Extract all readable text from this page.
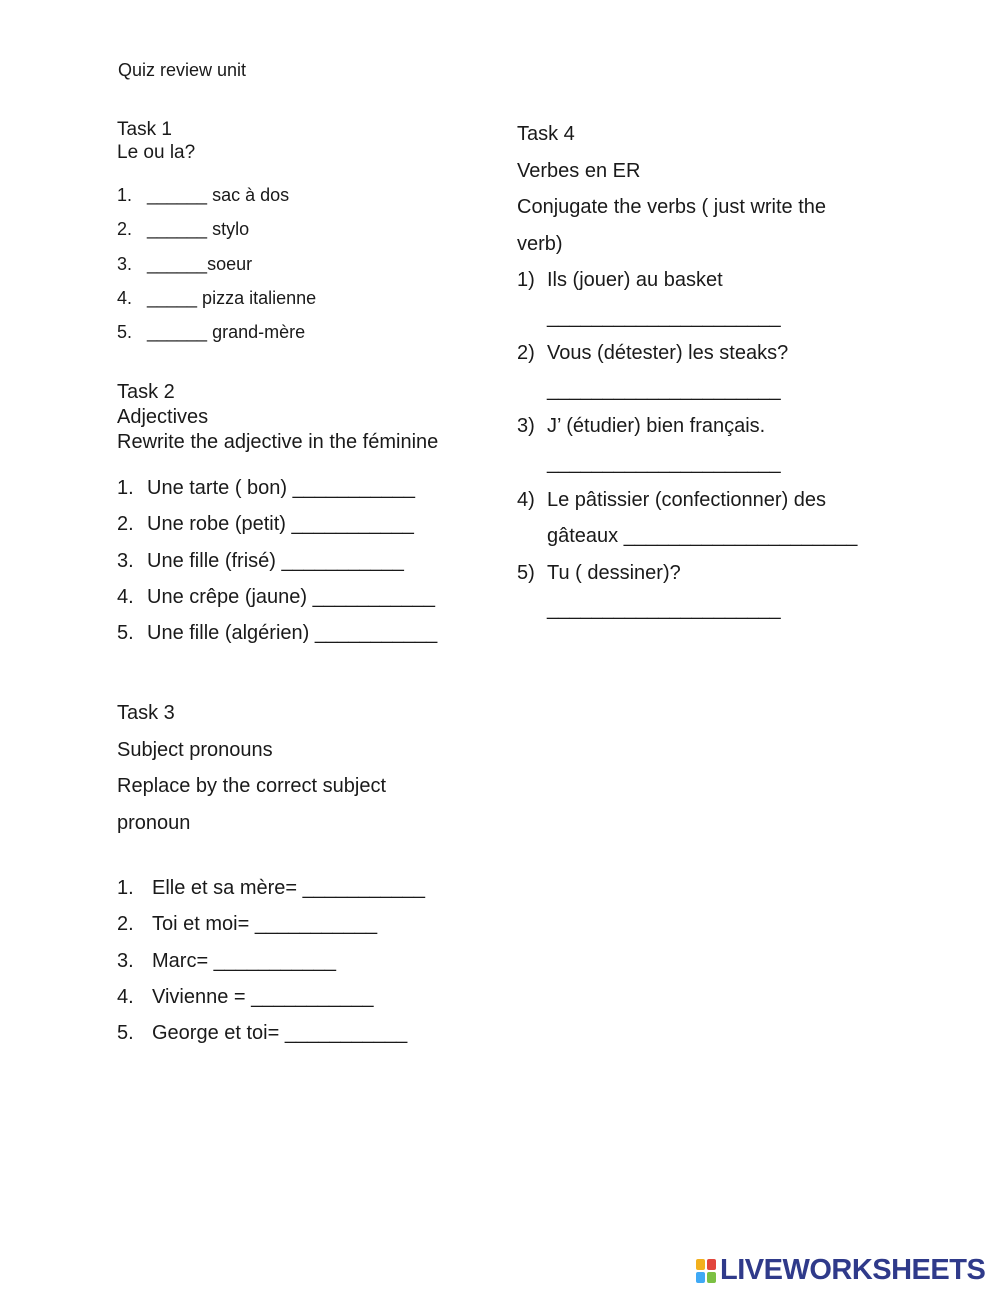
Quiz review unit
Task 1
Le ou la?
1. ______ sac à dos
2. ______ stylo
3. ______soeur
4. _____ pizza italienne
5. ______ grand-mère
Task 2
Adjectives
Rewrite the adjective in the féminine
1. Une tarte ( bon) ___________
2. Une robe (petit) ___________
3. Une fille (frisé) ___________
4. Une crêpe (jaune) ___________
5. Une fille (algérien) ___________
Task 3
Subject pronouns
Replace by the correct subject
pronoun
1. Elle et sa mère= ___________
2. Toi et moi= ___________
3. Marc= ___________
4. Vivienne = ___________
5. George et toi= ___________
Task 4
Verbes en ER
Conjugate the verbs ( just write the
verb)
1) Ils (jouer) au basket
_____________________
2) Vous (détester) les steaks?
_____________________
3) J’ (étudier) bien français.
_____________________
4) Le pâtissier (confectionner) des
gâteaux _____________________
5) Tu ( dessiner)?
_____________________
LIVEWORKSHEETS
